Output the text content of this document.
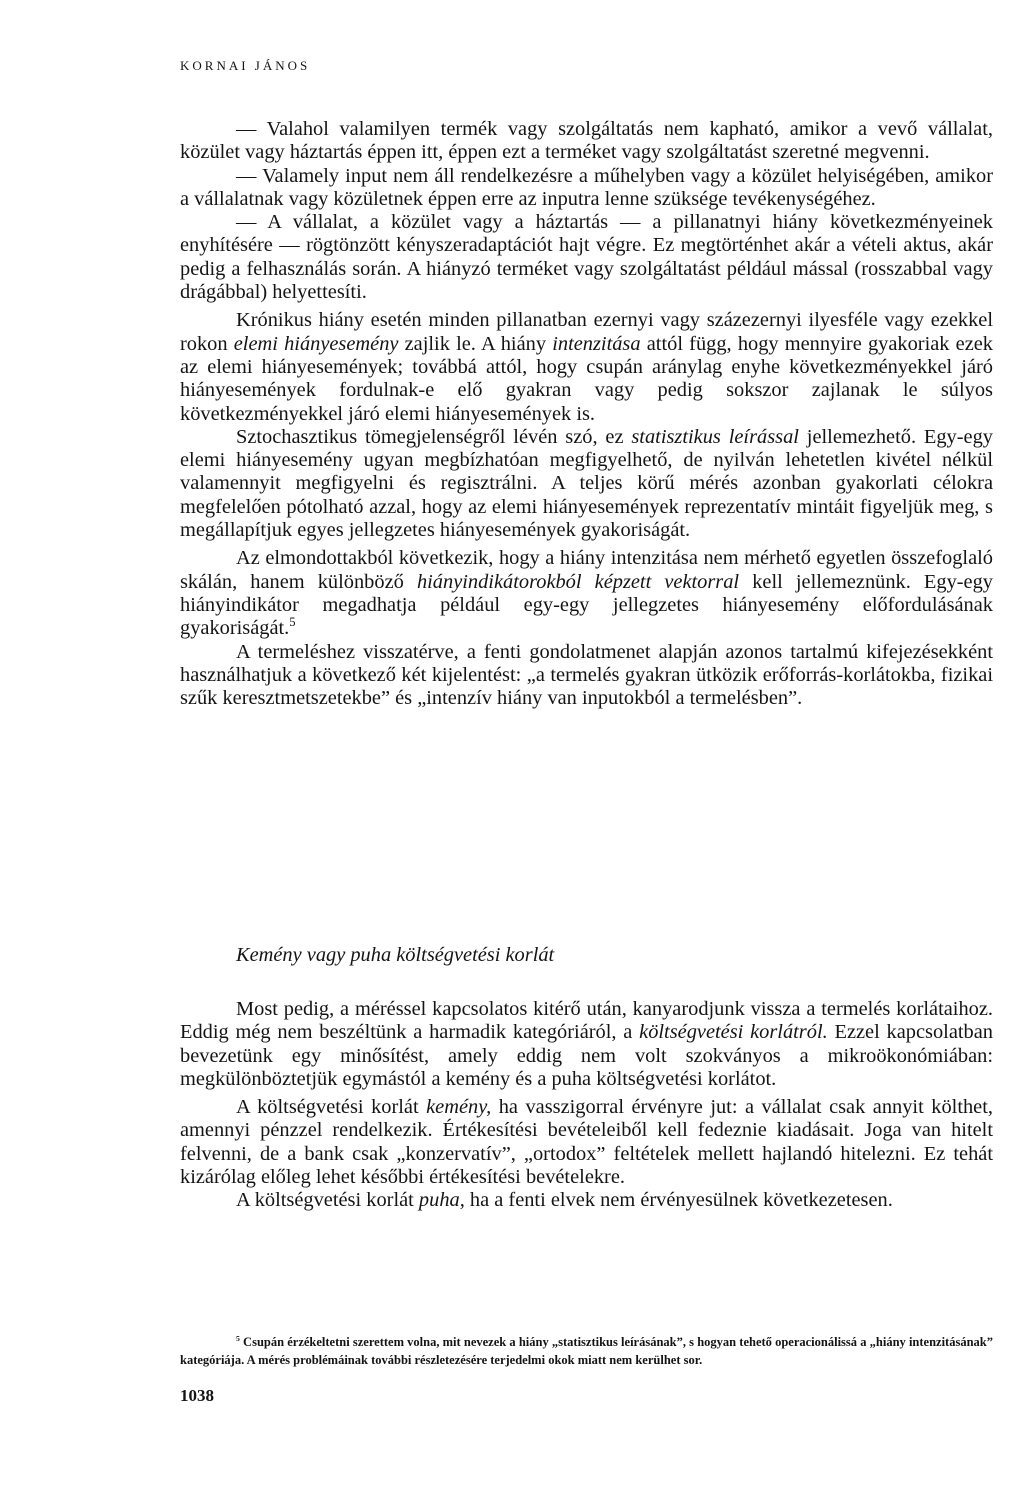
KORNAI JÁNOS

— Valahol valamilyen termék vagy szolgáltatás nem kapható, amikor a vevő vállalat, közület vagy háztartás éppen itt, éppen ezt a terméket vagy szolgáltatást szeretné megvenni.

— Valamely input nem áll rendelkezésre a műhelyben vagy a közület helyiségében, amikor a vállalatnak vagy közületnek éppen erre az inputra lenne szüksége tevékenységéhez.

— A vállalat, a közület vagy a háztartás — a pillanatnyi hiány következményeinek enyhítésére — rögtönzött kényszeradaptációt hajt végre. Ez megtörténhet akár a vételi aktus, akár pedig a felhasználás során. A hiányzó terméket vagy szolgáltatást például mással (rosszabbal vagy drágábbal) helyettesíti.

Krónikus hiány esetén minden pillanatban ezernyi vagy százezernyi ilyesféle vagy ezekkel rokon elemi hiányesemény zajlik le. A hiány intenzitása attól függ, hogy mennyire gyakoriak ezek az elemi hiányesemények; továbbá attól, hogy csupán aránylag enyhe következményekkel járó hiányesemények fordulnak-e elő gyakran vagy pedig sokszor zajlanak le súlyos következményekkel járó elemi hiányesemények is.

Sztochasztikus tömegjelenségről lévén szó, ez statisztikus leírással jellemezhető. Egy-egy elemi hiányesemény ugyan megbízhatóan megfigyelhető, de nyilván lehetetlen kivétel nélkül valamennyit megfigyelni és regisztrálni. A teljes körű mérés azonban gyakorlati célokra megfelelően pótolható azzal, hogy az elemi hiányesemények reprezentatív mintáit figyeljük meg, s megállapítjuk egyes jellegzetes hiányesemények gyakoriságát.

Az elmondottakból következik, hogy a hiány intenzitása nem mérhető egyetlen összefoglaló skálán, hanem különböző hiányindikátorokból képzett vektorral kell jellemeznünk. Egy-egy hiányindikátor megadhatja például egy-egy jellegzetes hiányesemény előfordulásának gyakoriságát.$^5$

A termeléshez visszatérve, a fenti gondolatmenet alapján azonos tartalmú kifejezésekként használhatjuk a következő két kijelentést: „a termelés gyakran ütközik erőforrás-korlátokba, fizikai szűk keresztmetszetekbe” és „intenzív hiány van inputokból a termelésben”.

Kemény vagy puha költségvetési korlát

Most pedig, a méréssel kapcsolatos kitérő után, kanyarodjunk vissza a termelés korlátaihoz. Eddig még nem beszéltünk a harmadik kategóriáról, a költségvetési korlátról. Ezzel kapcsolatban bevezetünk egy minősítést, amely eddig nem volt szokványos a mikroökonómiában: megkülönböztetjük egymástól a kemény és a puha költségvetési korlátot.

A költségvetési korlát kemény, ha vasszigorral érvényre jut: a vállalat csak annyit költhet, amennyi pénzzel rendelkezik. Értékesítési bevételeiből kell fedeznie kiadásait. Joga van hitelt felvenni, de a bank csak „konzervatív”, „ortodox” feltételek mellett hajlandó hitelezni. Ez tehát kizárólag előleg lehet későbbi értékesítési bevételekre.

A költségvetési korlát puha, ha a fenti elvek nem érvényesülnek következetesen.

$^5$ Csupán érzékeltetni szerettem volna, mit nevezek a hiány „statisztikus leírásának”, s hogyan tehető operacionálissá a „hiány intenzitásának” kategóriája. A mérés problémáinak további részletezésére terjedelmi okok miatt nem kerülhet sor.

1038
